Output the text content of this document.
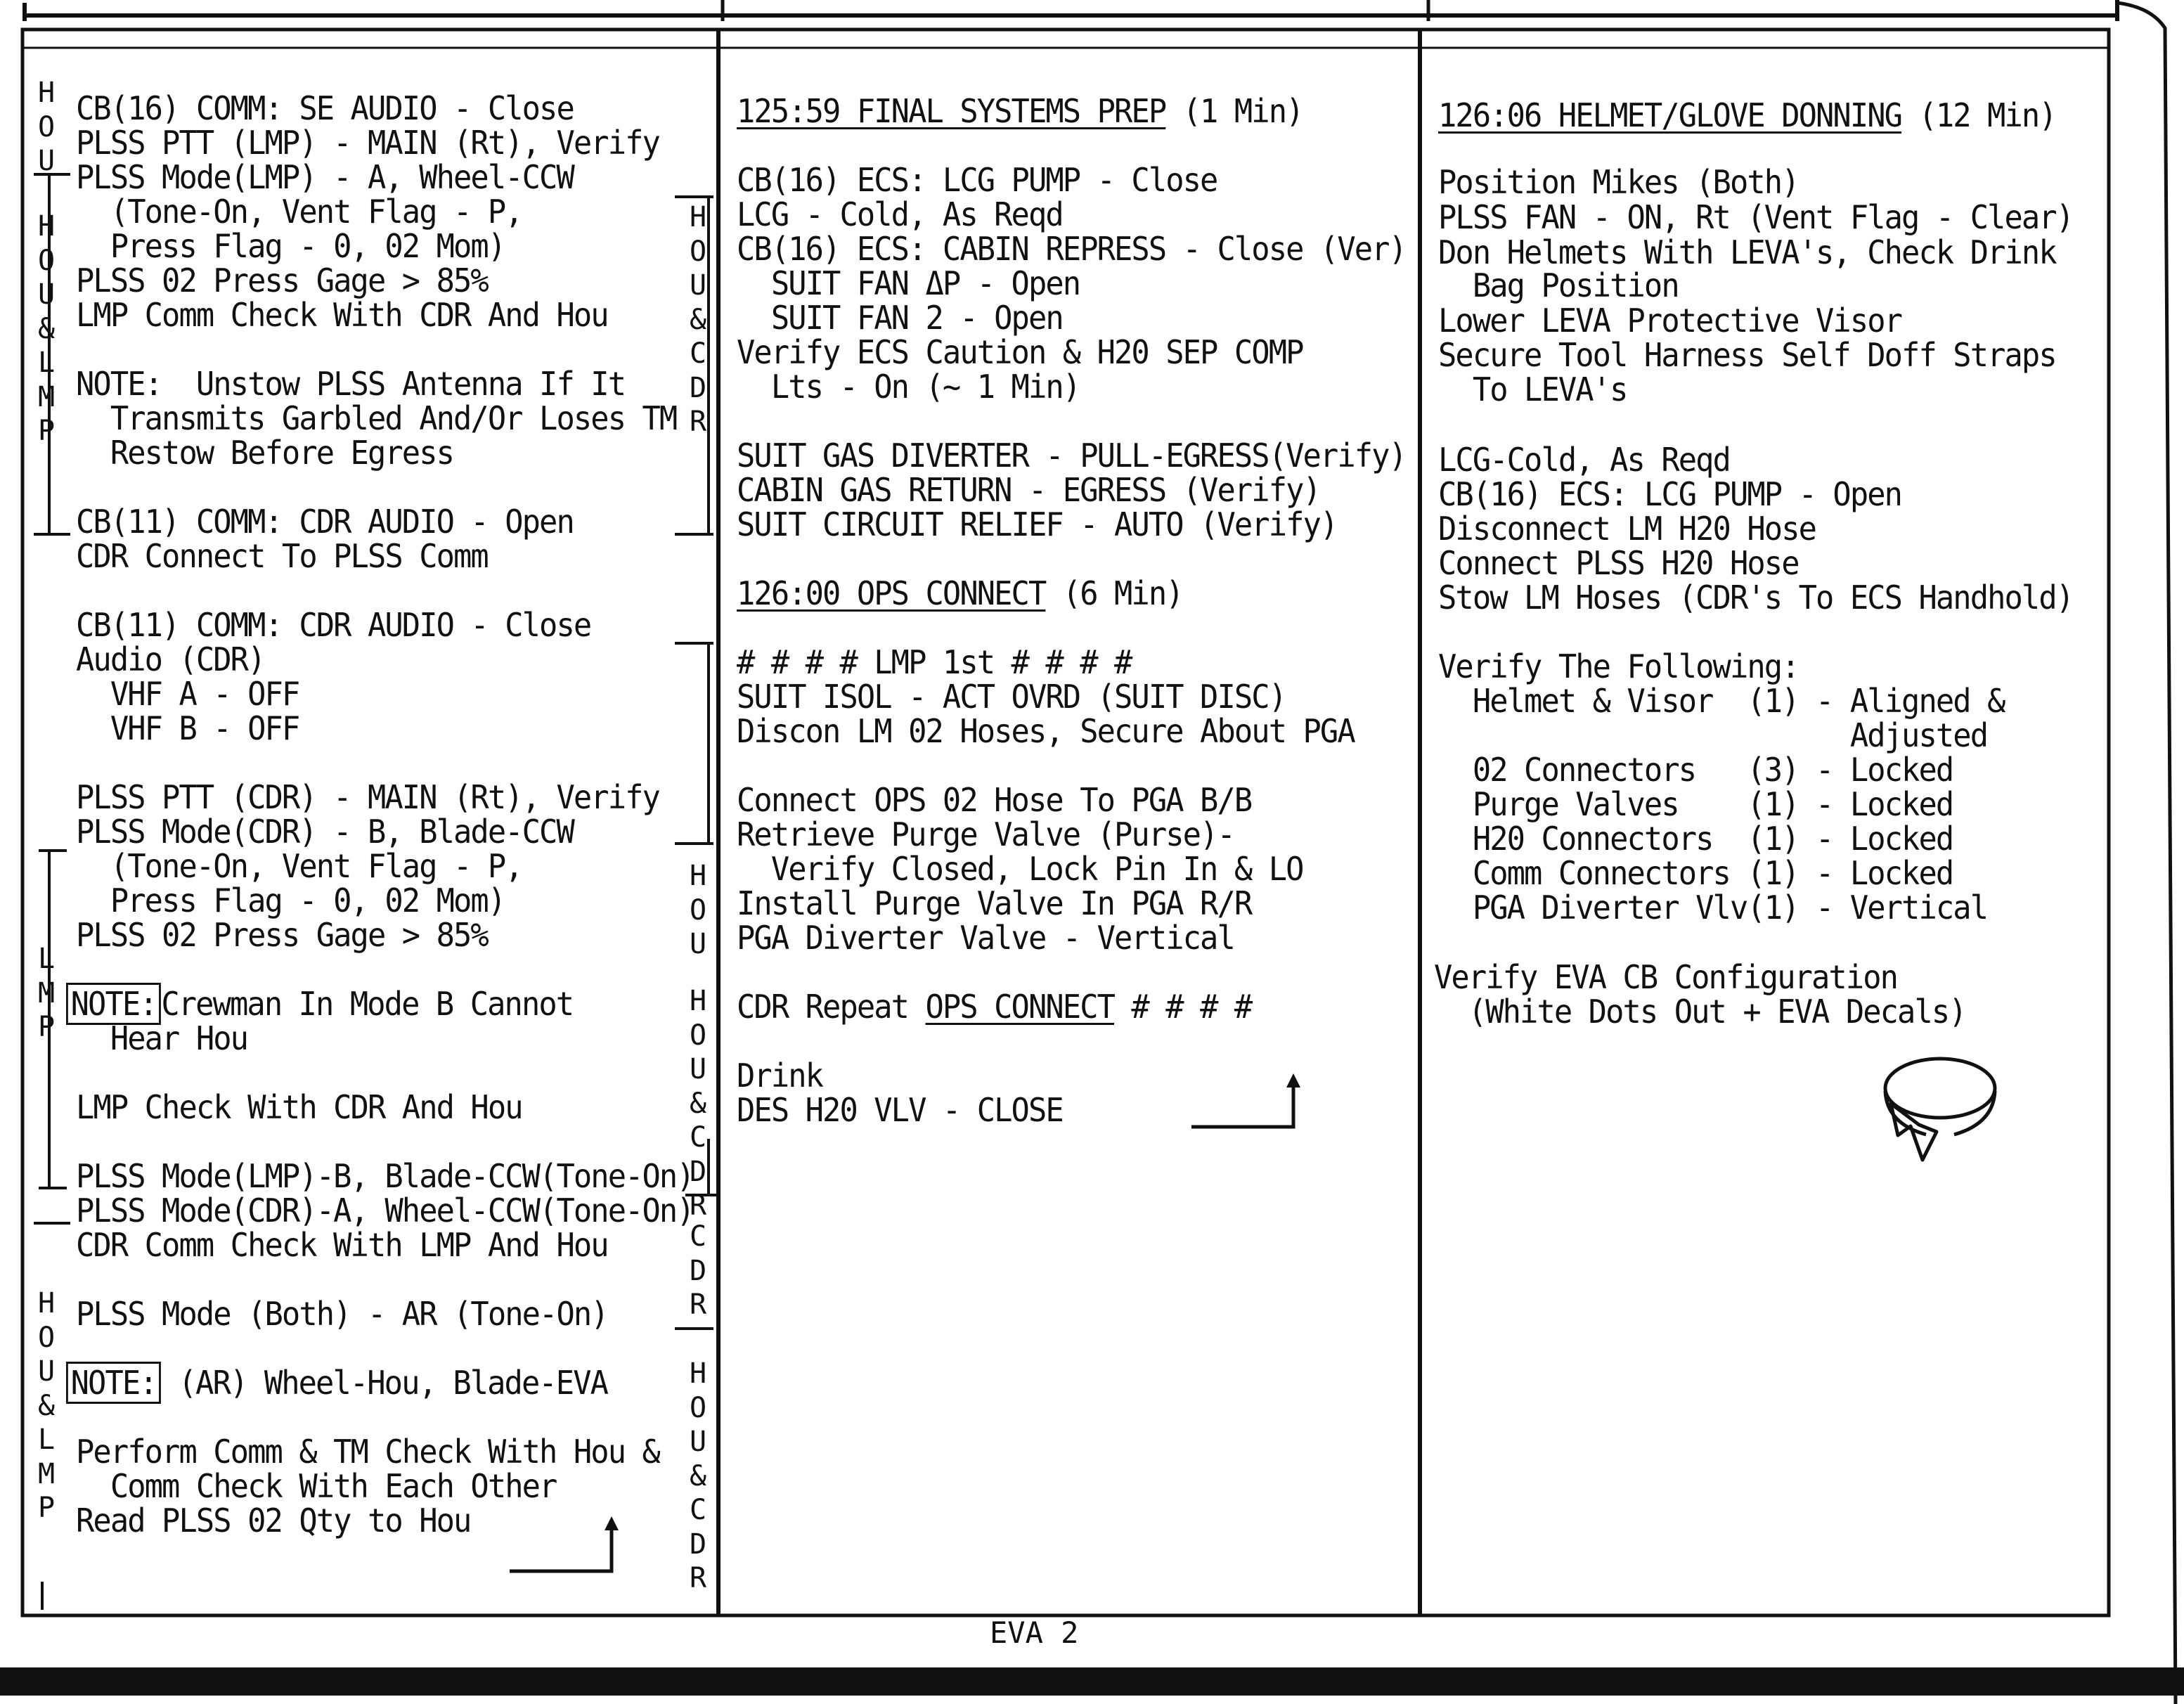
CB(16) COMM: SE AUDIO - Close
PLSS PTT (LMP) - MAIN (Rt), Verify
PLSS Mode(LMP) - A, Wheel-CCW
(Tone-On, Vent Flag - P,
Press Flag - 0, 02 Mom)
PLSS 02 Press Gage > 85%
LMP Comm Check With CDR And Hou
NOTE:  Unstow PLSS Antenna If It
Transmits Garbled And/Or Loses TM
Restow Before Egress
CB(11) COMM: CDR AUDIO - Open
CDR Connect To PLSS Comm
CB(11) COMM: CDR AUDIO - Close
Audio (CDR)
VHF A - OFF
VHF B - OFF
PLSS PTT (CDR) - MAIN (Rt), Verify
PLSS Mode(CDR) - B, Blade-CCW
(Tone-On, Vent Flag - P,
Press Flag - 0, 02 Mom)
PLSS 02 Press Gage > 85%
NOTE: Crewman In Mode B Cannot
Hear Hou
LMP Check With CDR And Hou
PLSS Mode(LMP)-B, Blade-CCW(Tone-On)
PLSS Mode(CDR)-A, Wheel-CCW(Tone-On)
CDR Comm Check With LMP And Hou
PLSS Mode (Both) - AR (Tone-On)
NOTE: (AR) Wheel-Hou, Blade-EVA
Perform Comm & TM Check With Hou &
Comm Check With Each Other
Read PLSS 02 Qty to Hou
H
O
U
H
O
U
&
L
M
P
L
M
P
H
O
U
&
L
M
P
125:59 FINAL SYSTEMS PREP (1 Min)
CB(16) ECS: LCG PUMP - Close
LCG - Cold, As Reqd
CB(16) ECS: CABIN REPRESS - Close (Ver)
SUIT FAN ΔP - Open
SUIT FAN 2 - Open
Verify ECS Caution & H20 SEP COMP
Lts - On (~ 1 Min)
SUIT GAS DIVERTER - PULL-EGRESS(Verify)
CABIN GAS RETURN - EGRESS (Verify)
SUIT CIRCUIT RELIEF - AUTO (Verify)
126:00 OPS CONNECT (6 Min)
# # # # LMP 1st # # # #
SUIT ISOL - ACT OVRD (SUIT DISC)
Discon LM 02 Hoses, Secure About PGA
Connect OPS 02 Hose To PGA B/B
Retrieve Purge Valve (Purse)-
Verify Closed, Lock Pin In & LO
Install Purge Valve In PGA R/R
PGA Diverter Valve - Vertical
CDR Repeat OPS CONNECT # # # #
Drink
DES H20 VLV - CLOSE
H
O
U
&
C
D
R
H
O
U
H
O
U
&
C
D
R
C
D
R
H
O
U
&
C
D
R
126:06 HELMET/GLOVE DONNING (12 Min)
Position Mikes (Both)
PLSS FAN - ON, Rt (Vent Flag - Clear)
Don Helmets With LEVA's, Check Drink
Bag Position
Lower LEVA Protective Visor
Secure Tool Harness Self Doff Straps
To LEVA's
LCG-Cold, As Reqd
CB(16) ECS: LCG PUMP - Open
Disconnect LM H20 Hose
Connect PLSS H20 Hose
Stow LM Hoses (CDR's To ECS Handhold)
Verify The Following:
Helmet & Visor  (1) - Aligned &
Adjusted
02 Connectors   (3) - Locked
Purge Valves    (1) - Locked
H20 Connectors  (1) - Locked
Comm Connectors (1) - Locked
PGA Diverter Vlv(1) - Vertical
Verify EVA CB Configuration
(White Dots Out + EVA Decals)
EVA 2
